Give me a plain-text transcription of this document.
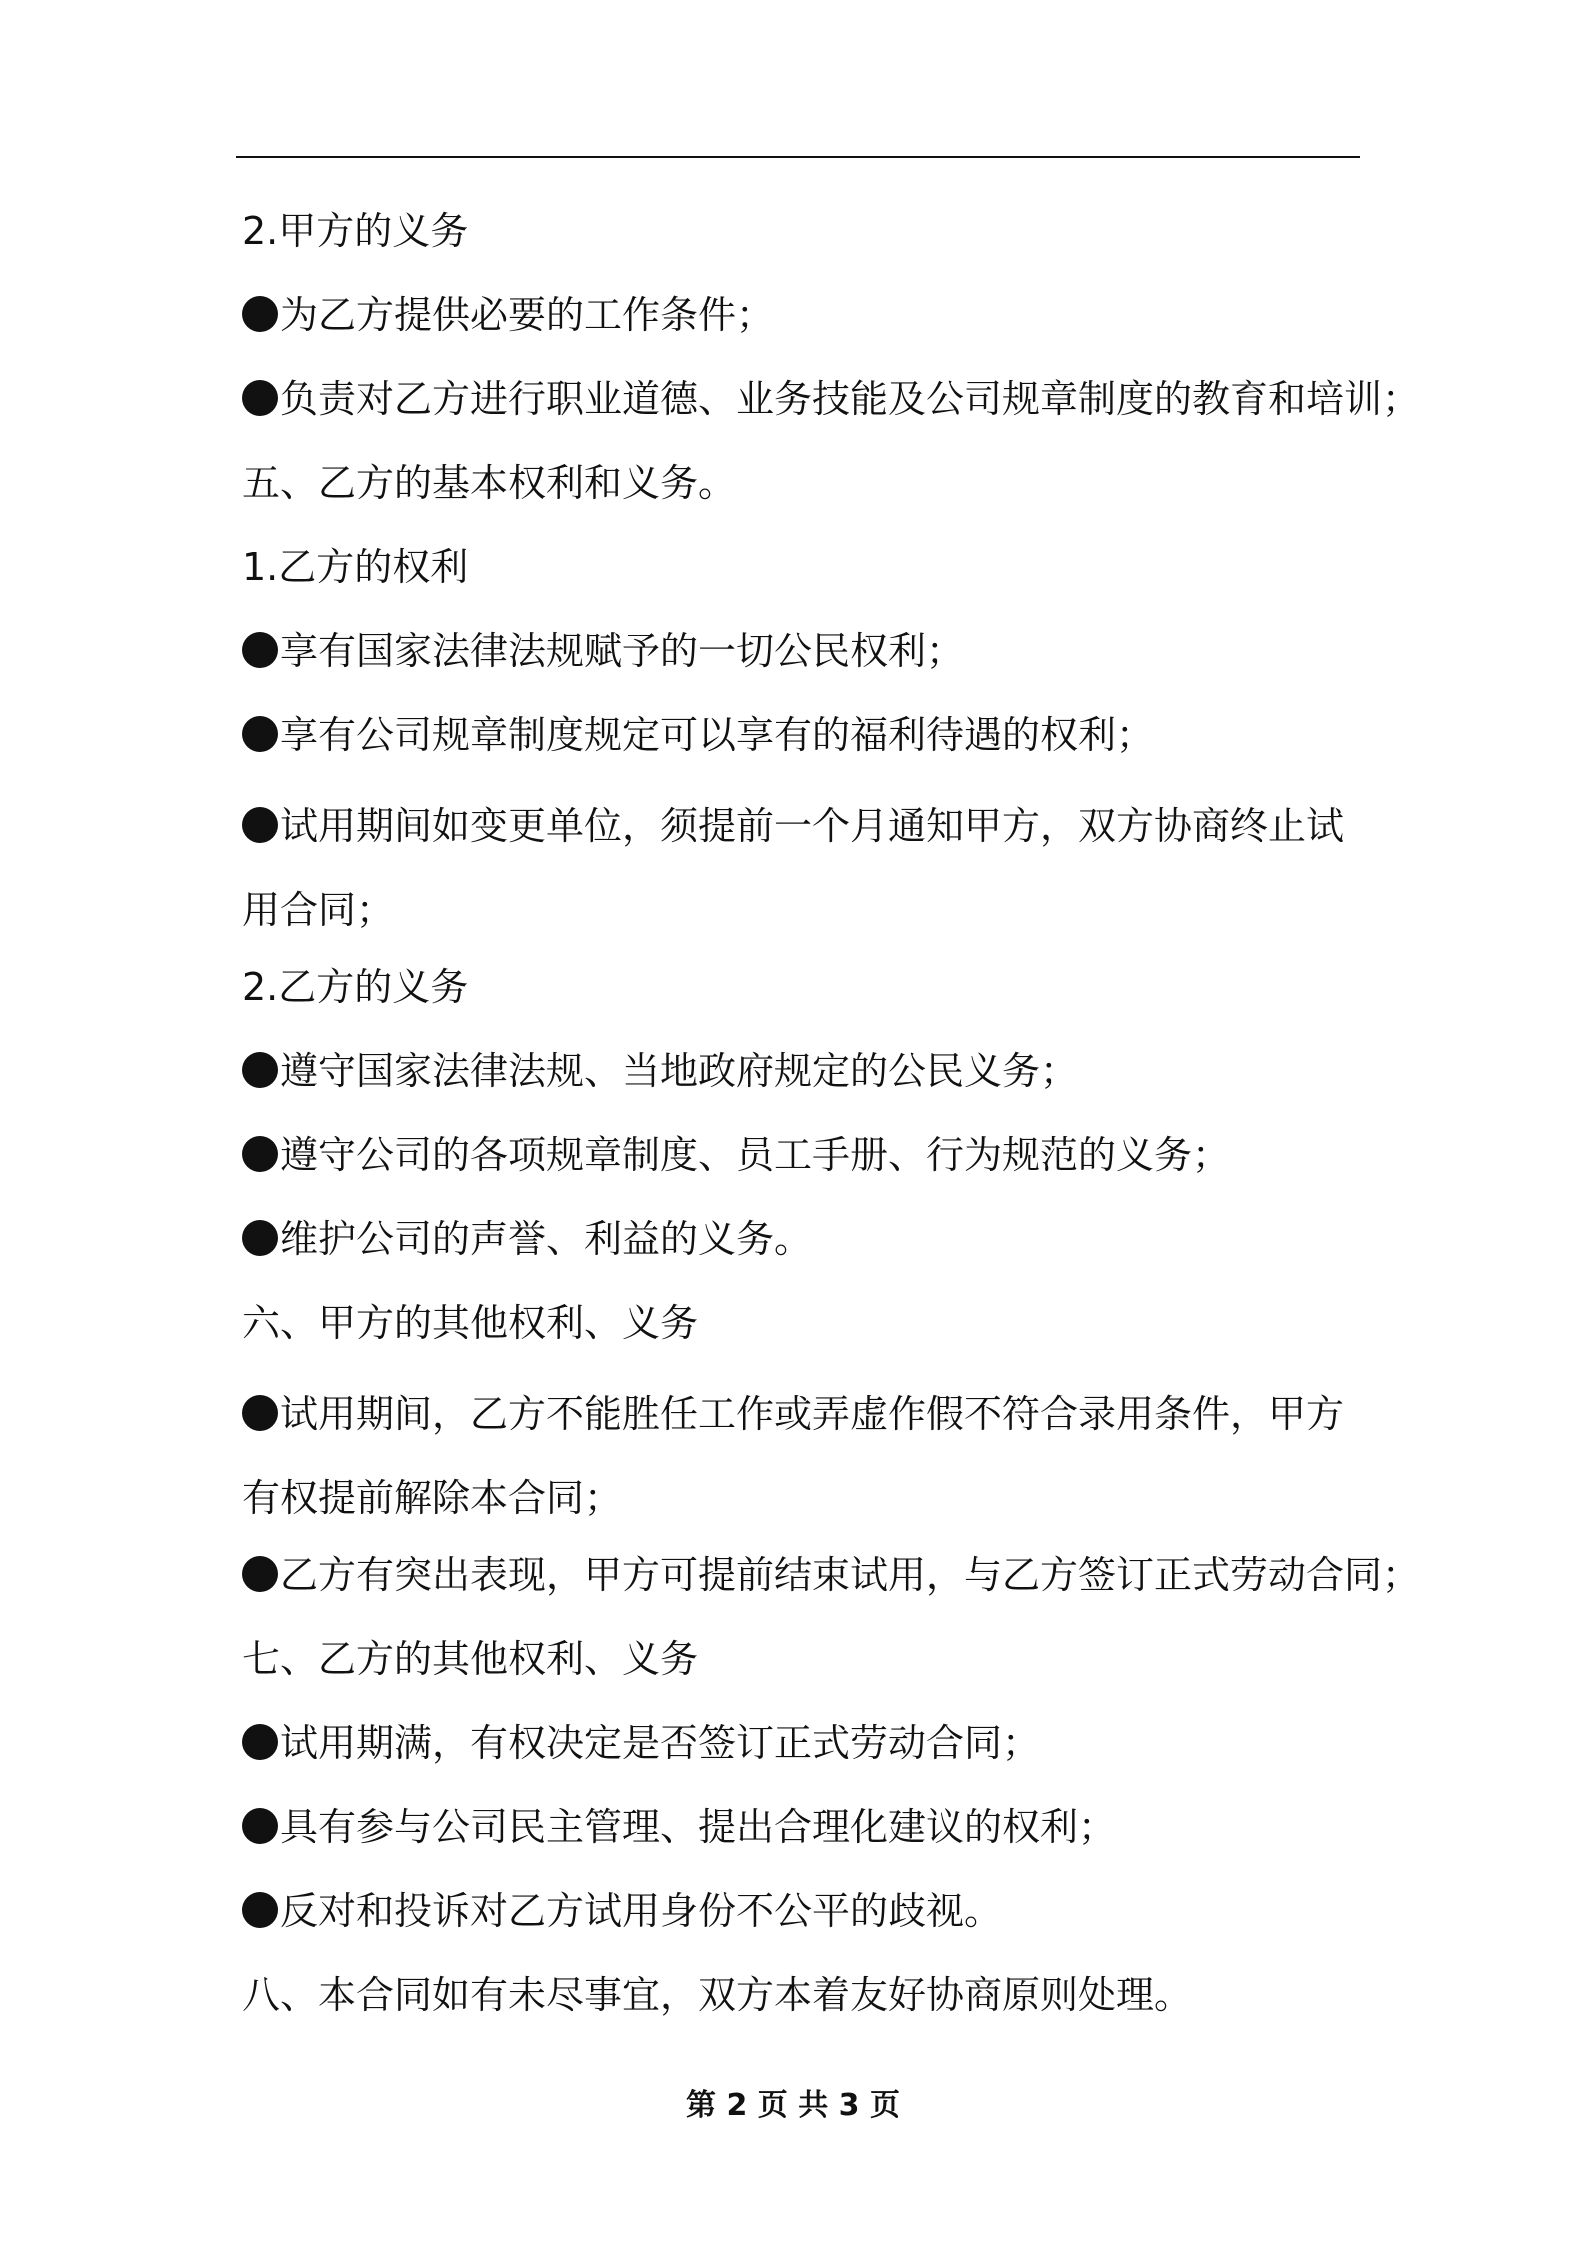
2.甲方的义务
为乙方提供必要的工作条件；
负责对乙方进行职业道德、业务技能及公司规章制度的教育和培训；
五、乙方的基本权利和义务。
1.乙方的权利
享有国家法律法规赋予的一切公民权利；
享有公司规章制度规定可以享有的福利待遇的权利；
试用期间如变更单位，须提前一个月通知甲方，双方协商终止试用合同；
2.乙方的义务
遵守国家法律法规、当地政府规定的公民义务；
遵守公司的各项规章制度、员工手册、行为规范的义务；
维护公司的声誉、利益的义务。
六、甲方的其他权利、义务
试用期间，乙方不能胜任工作或弄虚作假不符合录用条件，甲方有权提前解除本合同；
乙方有突出表现，甲方可提前结束试用，与乙方签订正式劳动合同；
七、乙方的其他权利、义务
试用期满，有权决定是否签订正式劳动合同；
具有参与公司民主管理、提出合理化建议的权利；
反对和投诉对乙方试用身份不公平的歧视。
八、本合同如有未尽事宜，双方本着友好协商原则处理。
第 2 页 共 3 页
